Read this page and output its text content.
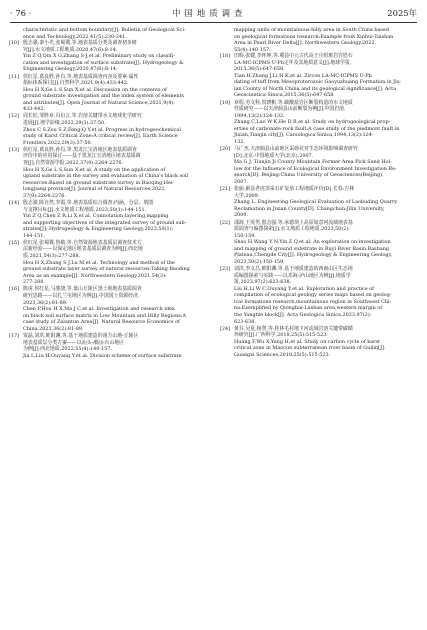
· 76 ·	中国地质调查	2025年
characteristic and bottom boundary[J]. Bulletin of Geological Sci-
ence and Technology,2022,41(5):230-241.
[10] 殷志强,秦小光,张蜀冀,等.地表基质分类及调查初步研
究[J].水文地质工程地质,2020,47(6):8-14.
Yin Z Q,Qin X G,Zhang S J,et al. Preliminary study on classifi-
cation and investigation of surface substrate[J]. Hydrogeology &
Engineering Geology,2020,47(6):8-14.
[11] 侯红星,葛良胜,孙肖,等.地表基质调查内容及要素-属性
指标体系探讨[J].自然科学,2021,9(4):433-442.
Hou H X,Ge L S,Sun X,et al. Discussion on the contents of
ground substrate investigation and the index system of elements
and attributes[J]. Open Journal of Natural Science,2021,9(4):
433-442.
[12] 周长松,邹胜章,冯启言,等.岩溶关键带水文地球化学研究
进展[J].地学前缘,2022,29(3):37-50.
Zhou C S,Zou S Z,Feng Q Y,et al. Progress in hydrogeochemical
study of Karst Critical Zone:A critical review[J]. Earth Science
Frontiers,2022,29(3):37-50.
[13] 侯红星,葛良胜,孙肖,等.黑龙江宝清地区地表基质调查
评价中的应用探讨——基于黑龙江宝清地区地表基质调
查[J].自然资源学报,2022,37(9):2264-2276.
Hou H X,Ge L S,Sun X,et al. A study on the application of
upland substrate in the survey and evaluation of China's black soil
resources:Based on ground substrate survey in Baoqing,Hei-
longjiang province[J]. Journal of Natural Resources,2022,
37(9):2264-2276.
[14] 殷志强,陈自然,李霞,等.地表基质综合调查:内涵、分层、填图
与支撑目标[J].水文地质工程地质,2023,50(1):144-151.
Yin Z Q,Chen Z R,Li X,et al. Connotation,layering,mapping
and supporting objectives of the integrated survey of ground sub-
strates[J]. Hydrogeology & Engineering Geology,2023,50(1):
144-151.
[15] 侯红星,张蜀冀,鲁敏,等.自然资源地表基质层调查技术方
法新经验——以保定地区地表基质层调查为例[J].西北地
质,2021,54(3):277-288.
Hou H X,Zhang S J,Lu M,et al. Technology and method of the
ground substrate layer survey of natural resources:Taking Baoding
Area as an example[J]. Northwestern Geology,2021,54(3):
277-288.
[16] 陈虏,侯红星,马骏骁,等.低山丘陵区黑土地地表基质调查
研究思路——以扎兰屯地区为例[J].中国国土资源经济,
2023,36(2):81-89.
Chen P,Hou H X,Ma J C,et al. Investigation and research idea
on black soil surface matrix in Low Mountain and Hilly Regions:A
case study of Zalantun Area[J]. Natural Resource Economics of
China,2023,36(2):81-89.
[17] 贾磊,刘洪,欧阳渊,等.基于地质建造的南方山地-丘陵区
地表基质层分类方案——以汕头-潮汕-台山地区
为例[J].西北地质,2022,55(4):140-157.
Jia L,Liu H,Ouyang Y,et al. Division scheme of surface substrate
mapping units of mountainous-hilly area in South China based
on geological formations research:Example from Xinhui-Taishan
Area in Pearl River Delta[J]. Northwestern Geology,2022,
55(4):140-157.
[18] 田辉,张健,李怀坤,等.冀县中元古代高于庄组斑岩岩锆石
LA-MC-ICPMS U-Pb定年及其地质意义[J].地球学报,
2015,36(5):647-658.
Tian H,Zhang J,Li H K,et al. Zircon LA-MC-ICPMS U-Pb
dating of tuff from Mesoproterozoic Gaoyuzhuang Formation in Jix-
ian County of North China and its geological significance[J]. Acta
Geoscientica Sinica,2015,36(5):647-658.
[19] 章程,劳文科,贺晓彬,等.碳酸盐岩区断裂构造的水文地质
性质研究——以天津蓟县山前断裂为例[J].中国岩溶,
1994,13(2):124-132.
Zhang C,Lao W K,He D B,et al. Study on hydrogeological prop-
erties of carbonate rock fault:A case study of the piedmont fault in
Jixian,Tianjin city[J]. Carsologica Sinica,1994,13(2):124-
132.
[20] 马广杰.天津蓟县山前地区采砂坑对生态环境影响调查研究
[D].北京:中国地质大学(北京),2007.
Ma G J. Tianjin Ji County Mountain Former Area Pick Sand Hol-
low for the Influence of Ecological Environment Investigation Re-
search[D]. Beijing:China University of Geosciences(Beijing),
2007.
[21] 张丽.蓟县老虎顶采石矿复垦工程地质评价[D].长春:吉林
大学,2009.
Zhang L. Engineering Geological Evaluation of Laobuding Quarry
Reclamation in Jixian County[D]. Changchun:Jilin University,
2009.
[22] 邵海,王英男,殷志强,等.承德坝上高原如意河流域地表基
质调查与编图探索[J].水文地质工程地质,2023,50(2):
150-159.
Shao H,Wang Y N,Yin Z Q,et al. An exploration on investigation
and mapping of ground substrate in Ruyi River Basin,Bashang
Plateau,Chengde City[J]. Hydrogeology & Engineering Geology,
2023,50(2):150-159.
[23] 刘洪,李文昌,欧阳渊,等.基于地质建造的西南山区生态地
质编图探索与实践——以邛海-泸山地区为例[J].地质学
报,2023,97(2):623-638.
Liu H,Li W C,Ouyang Y,et al. Exploration and practice of
compilation of ecological geology series maps based on geolog-
ical formations research,mountainous region in Southwest Chi-
na:Exemplified by Qionghai-Lushan area,western margin of
the Yangtze block[J]. Acta Geologica Sinica,2023,97(2):
623-638.
[24] 黄芬,吴夏,杨慧,等.桂林毛村地下河流域岩溶关键带碳循
环研究[J].广西科学,2018,25(5):515-523.
Huang F,Wu X,Yang H,et al. Study on carbon cycle of karst
critical zone in Maocun subterranean river basin of Guilin[J].
Guangxi Sciences,2018,25(5):515-523.
